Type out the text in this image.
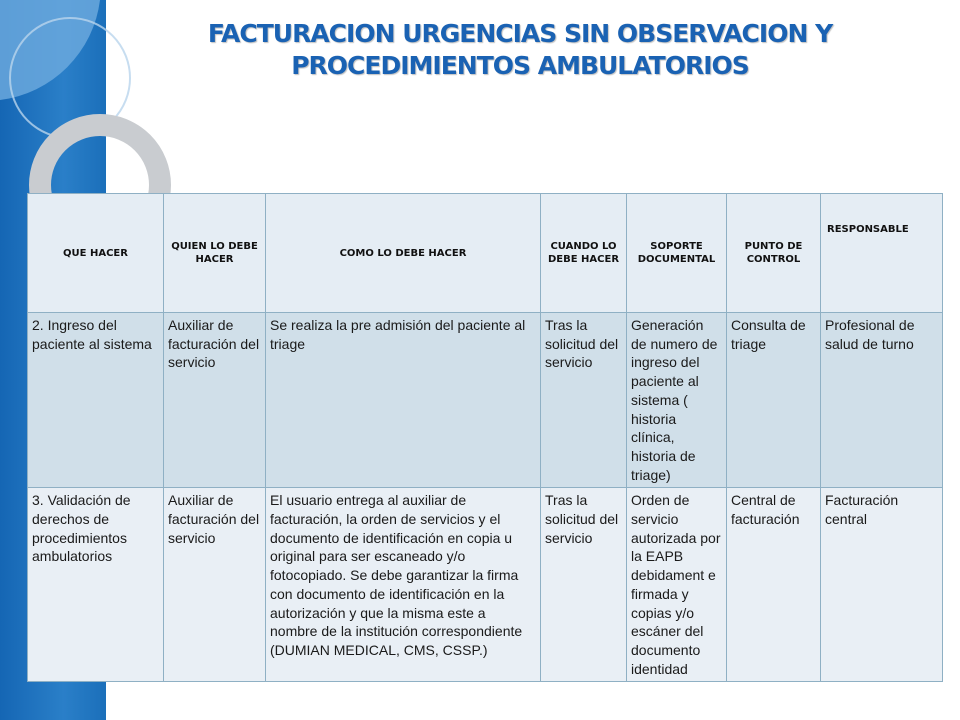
FACTURACION URGENCIAS SIN OBSERVACION Y
PROCEDIMIENTOS AMBULATORIOS
QUE HACER	QUIEN LO DEBE HACER	COMO LO DEBE HACER	CUANDO LO DEBE HACER	SOPORTE DOCUMENTAL	PUNTO DE CONTROL	RESPONSABLE
2. Ingreso del paciente al sistema	Auxiliar de facturación del servicio	Se realiza la pre admisión del paciente al triage	Tras la solicitud del servicio	Generación de numero de ingreso del paciente al sistema ( historia clínica, historia de triage)	Consulta de triage	Profesional de salud de turno
3. Validación de derechos de procedimientos ambulatorios	Auxiliar de facturación del servicio	El usuario entrega al auxiliar de facturación, la orden de servicios y el documento de identificación en copia u original para ser escaneado y/o fotocopiado. Se debe garantizar la firma con documento de identificación en la autorización y que la misma este a nombre de la institución correspondiente (DUMIAN MEDICAL, CMS, CSSP.)	Tras la solicitud del servicio	Orden de servicio autorizada por la EAPB debidament e firmada y copias y/o escáner del documento identidad	Central de facturación	Facturación central
